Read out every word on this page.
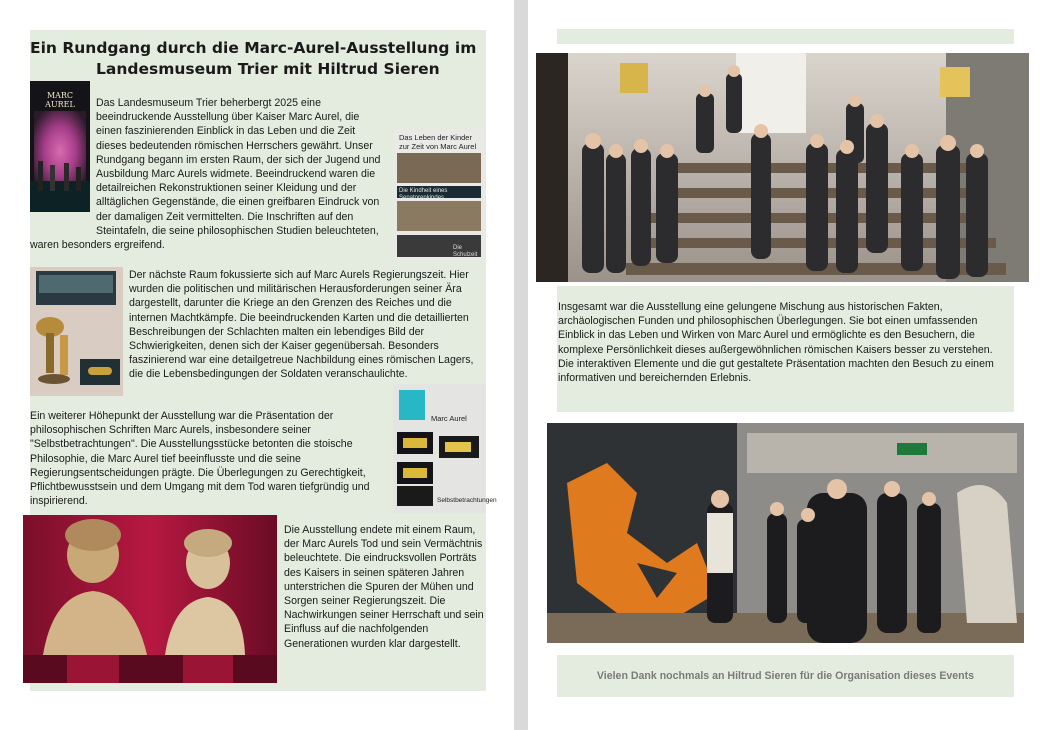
Ein Rundgang durch die Marc-Aurel-Ausstellung im
Landesmuseum Trier mit Hiltrud Sieren
Das Landesmuseum Trier beherbergt 2025 eine beeindruckende Ausstellung über Kaiser Marc Aurel, die einen faszinierenden Einblick in das Leben und die Zeit dieses bedeutenden römischen Herrschers gewährt. Unser Rundgang begann im ersten Raum, der sich der Jugend und Ausbildung Marc Aurels widmete. Beeindruckend waren die detailreichen Rekonstruktionen seiner Kleidung und der alltäglichen Gegenstände, die einen greifbaren Eindruck von der damaligen Zeit vermittelten. Die Inschriften auf den Steintafeln, die seine philosophischen Studien beleuchteten, waren besonders ergreifend.
MARC AUREL
Das Leben der Kinder zur Zeit von Marc Aurel
Die Kindheit eines Senatorenkindes
Die Schulzeit
Der nächste Raum fokussierte sich auf Marc Aurels Regierungszeit. Hier wurden die politischen und militärischen Herausforderungen seiner Ära dargestellt, darunter die Kriege an den Grenzen des Reiches und die internen Machtkämpfe. Die beeindruckenden Karten und die detaillierten Beschreibungen der Schlachten malten ein lebendiges Bild der Schwierigkeiten, denen sich der Kaiser gegenübersah. Besonders faszinierend war eine detailgetreue Nachbildung eines römischen Lagers, die die Lebensbedingungen der Soldaten veranschaulichte.
Ein weiterer Höhepunkt der Ausstellung war die Präsentation der philosophischen Schriften Marc Aurels, insbesondere seiner "Selbstbetrachtungen". Die Ausstellungsstücke betonten die stoische Philosophie, die Marc Aurel tief beeinflusste und die seine Regierungsentscheidungen prägte. Die Überlegungen zu Gerechtigkeit, Pflichtbewusstsein und dem Umgang mit dem Tod waren tiefgründig und inspirierend.
Marc Aurel
Selbstbetrachtungen
Die Ausstellung endete mit einem Raum, der Marc Aurels Tod und sein Vermächtnis beleuchtete. Die eindrucksvollen Porträts des Kaisers in seinen späteren Jahren unterstrichen die Spuren der Mühen und Sorgen seiner Regierungszeit. Die Nachwirkungen seiner Herrschaft und sein Einfluss auf die nachfolgenden Generationen wurden klar dargestellt.
Insgesamt war die Ausstellung eine gelungene Mischung aus historischen Fakten, archäologischen Funden und philosophischen Überlegungen. Sie bot einen umfassenden Einblick in das Leben und Wirken von Marc Aurel und ermöglichte es den Besuchern, die komplexe Persönlichkeit dieses außergewöhnlichen römischen Kaisers besser zu verstehen. Die interaktiven Elemente und die gut gestaltete Präsentation machten den Besuch zu einem informativen und bereichernden Erlebnis.
Vielen Dank nochmals an Hiltrud Sieren für die Organisation dieses Events
